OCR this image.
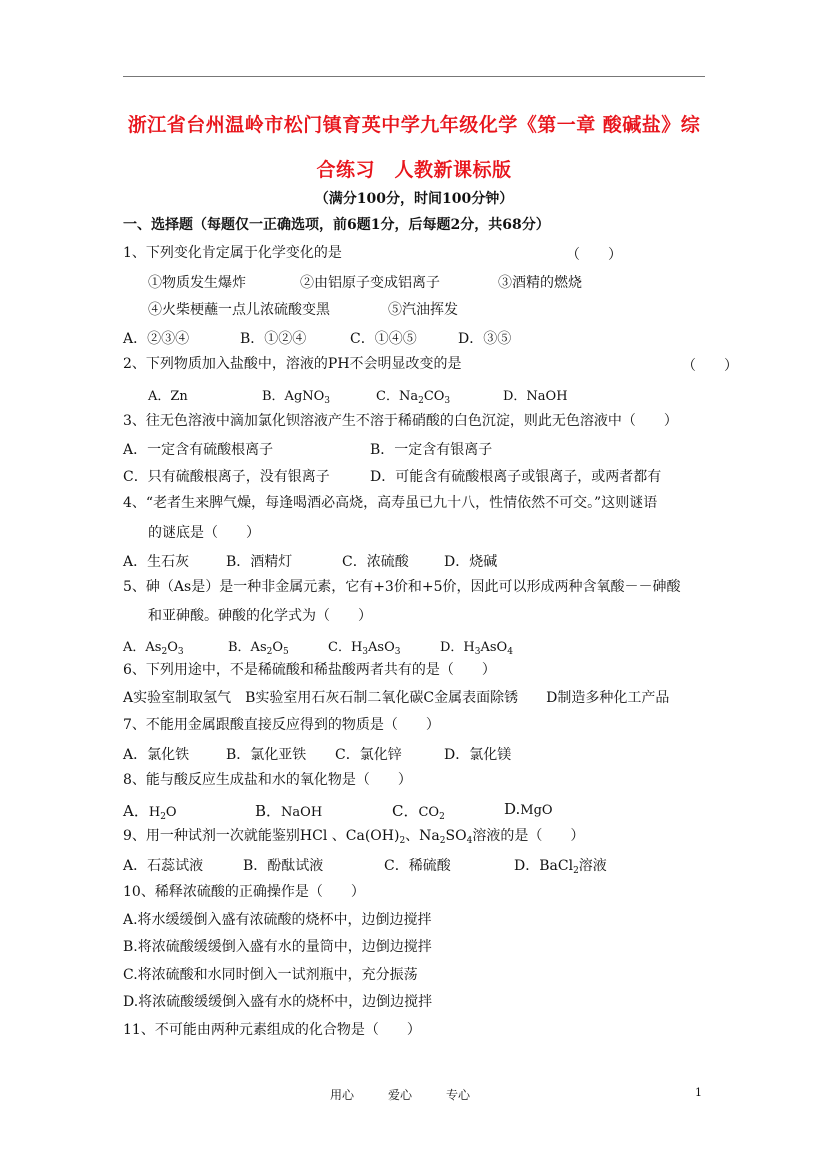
浙江省台州温岭市松门镇育英中学九年级化学《第一章 酸碱盐》综
合练习　人教新课标版
（满分100分，时间100分钟）
一、选择题（每题仅一正确选项，前6题1分，后每题2分，共68分）
1、下列变化肯定属于化学变化的是	（　　）
①物质发生爆炸	②由铝原子变成铝离子	③酒精的燃烧
④火柴梗蘸一点儿浓硫酸变黑	⑤汽油挥发
A．②③④	B．①②④	C．①④⑤	D．③⑤
2、下列物质加入盐酸中，溶液的PH不会明显改变的是	（　　）
A．Zn	B．AgNO$_3$	C．$Na_2CO_3$	D．NaOH
3、往无色溶液中滴加氯化钡溶液产生不溶于稀硝酸的白色沉淀，则此无色溶液中（　　）
A．一定含有硫酸根离子	B．一定含有银离子
C．只有硫酸根离子，没有银离子	D．可能含有硫酸根离子或银离子，或两者都有
4、“老者生来脾气燥，每逢喝酒必高烧，高寿虽已九十八，性情依然不可交。”这则谜语
的谜底是（　　）
A．生石灰	B．酒精灯	C．浓硫酸	D．烧碱
5、砷（As是）是一种非金属元素，它有+3价和+5价，因此可以形成两种含氧酸－－砷酸
和亚砷酸。砷酸的化学式为（　　）
A．$As_2O_3$	B．$As_2O_5$	C．$H_3AsO_3$	D．$H_3AsO_4$
6、下列用途中，不是稀硫酸和稀盐酸两者共有的是（　　）
A实验室制取氢气　B实验室用石灰石制二氧化碳C金属表面除锈　　D制造多种化工产品
7、不能用金属跟酸直接反应得到的物质是（　　）
A．氯化铁	B．氯化亚铁 C．氯化锌	D．氯化镁
8、能与酸反应生成盐和水的氧化物是（　　）
A．$H_2O$	B．NaOH	C．$CO_2$	D.MgO
9、用一种试剂一次就能鉴别HCl 、$Ca(OH)_2$、$Na_2SO_4$溶液的是（　　）
A．石蕊试液	B．酚酞试液	C．稀硫酸	D．BaCl$_2$溶液
10、稀释浓硫酸的正确操作是（　　）
A.将水缓缓倒入盛有浓硫酸的烧杯中，边倒边搅拌
B.将浓硫酸缓缓倒入盛有水的量筒中，边倒边搅拌
C.将浓硫酸和水同时倒入一试剂瓶中，充分振荡
D.将浓硫酸缓缓倒入盛有水的烧杯中，边倒边搅拌
11、不可能由两种元素组成的化合物是（　　）
用心	爱心	专心	1
